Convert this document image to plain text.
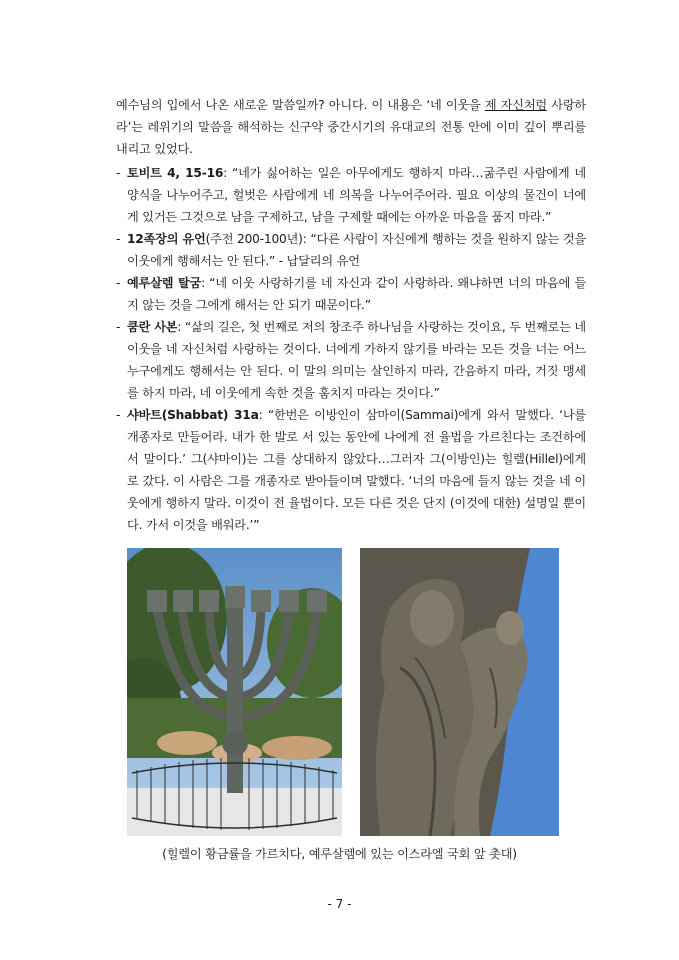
예수님의 입에서 나온 새로운 말씀일까? 아니다. 이 내용은 ‘네 이웃을 제 자신처럼 사랑하라’는 레위기의 말씀을 해석하는 신구약 중간시기의 유대교의 전통 안에 이미 깊이 뿌리를 내리고 있었다.

- 토비트 4, 15-16: “네가 싫어하는 일은 아무에게도 행하지 마라…굶주린 사람에게 네 양식을 나누어주고, 헐벗은 사람에게 네 의복을 나누어주어라. 필요 이상의 물건이 너에게 있거든 그것으로 남을 구제하고, 남을 구제할 때에는 아까운 마음을 품지 마라.”

- 12족장의 유언(주전 200-100년): “다른 사람이 자신에게 행하는 것을 원하지 않는 것을 이웃에게 행해서는 안 된다.” - 납달리의 유언

- 예루살렘 탈굼: “네 이웃 사랑하기를 네 자신과 같이 사랑하라. 왜냐하면 너의 마음에 들지 않는 것을 그에게 해서는 안 되기 때문이다.”

- 쿰란 사본: “삶의 길은, 첫 번째로 저의 창조주 하나님을 사랑하는 것이요, 두 번째로는 네 이웃을 네 자신처럼 사랑하는 것이다. 너에게 가하지 않기를 바라는 모든 것을 너는 어느 누구에게도 행해서는 안 된다. 이 말의 의미는 살인하지 마라, 간음하지 마라, 거짓 맹세를 하지 마라, 네 이웃에게 속한 것을 훔치지 마라는 것이다.”

- 샤바트(Shabbat) 31a: “한번은 이방인이 삼마이(Sammai)에게 와서 말했다. ‘나를 개종자로 만들어라. 내가 한 발로 서 있는 동안에 나에게 전 율법을 가르친다는 조건하에서 말이다.’ 그(샤마이)는 그를 상대하지 않았다…그러자 그(이방인)는 힐렐(Hillel)에게로 갔다. 이 사람은 그를 개종자로 받아들이며 말했다. ‘너의 마음에 들지 않는 것을 네 이웃에게 행하지 말라. 이것이 전 율법이다. 모든 다른 것은 단지 (이것에 대한) 설명일 뿐이다. 가서 이것을 배워라.’”

(힐렐이 황금률을 가르치다, 예루살렘에 있는 이스라엘 국회 앞 촛대)
- 7 -
